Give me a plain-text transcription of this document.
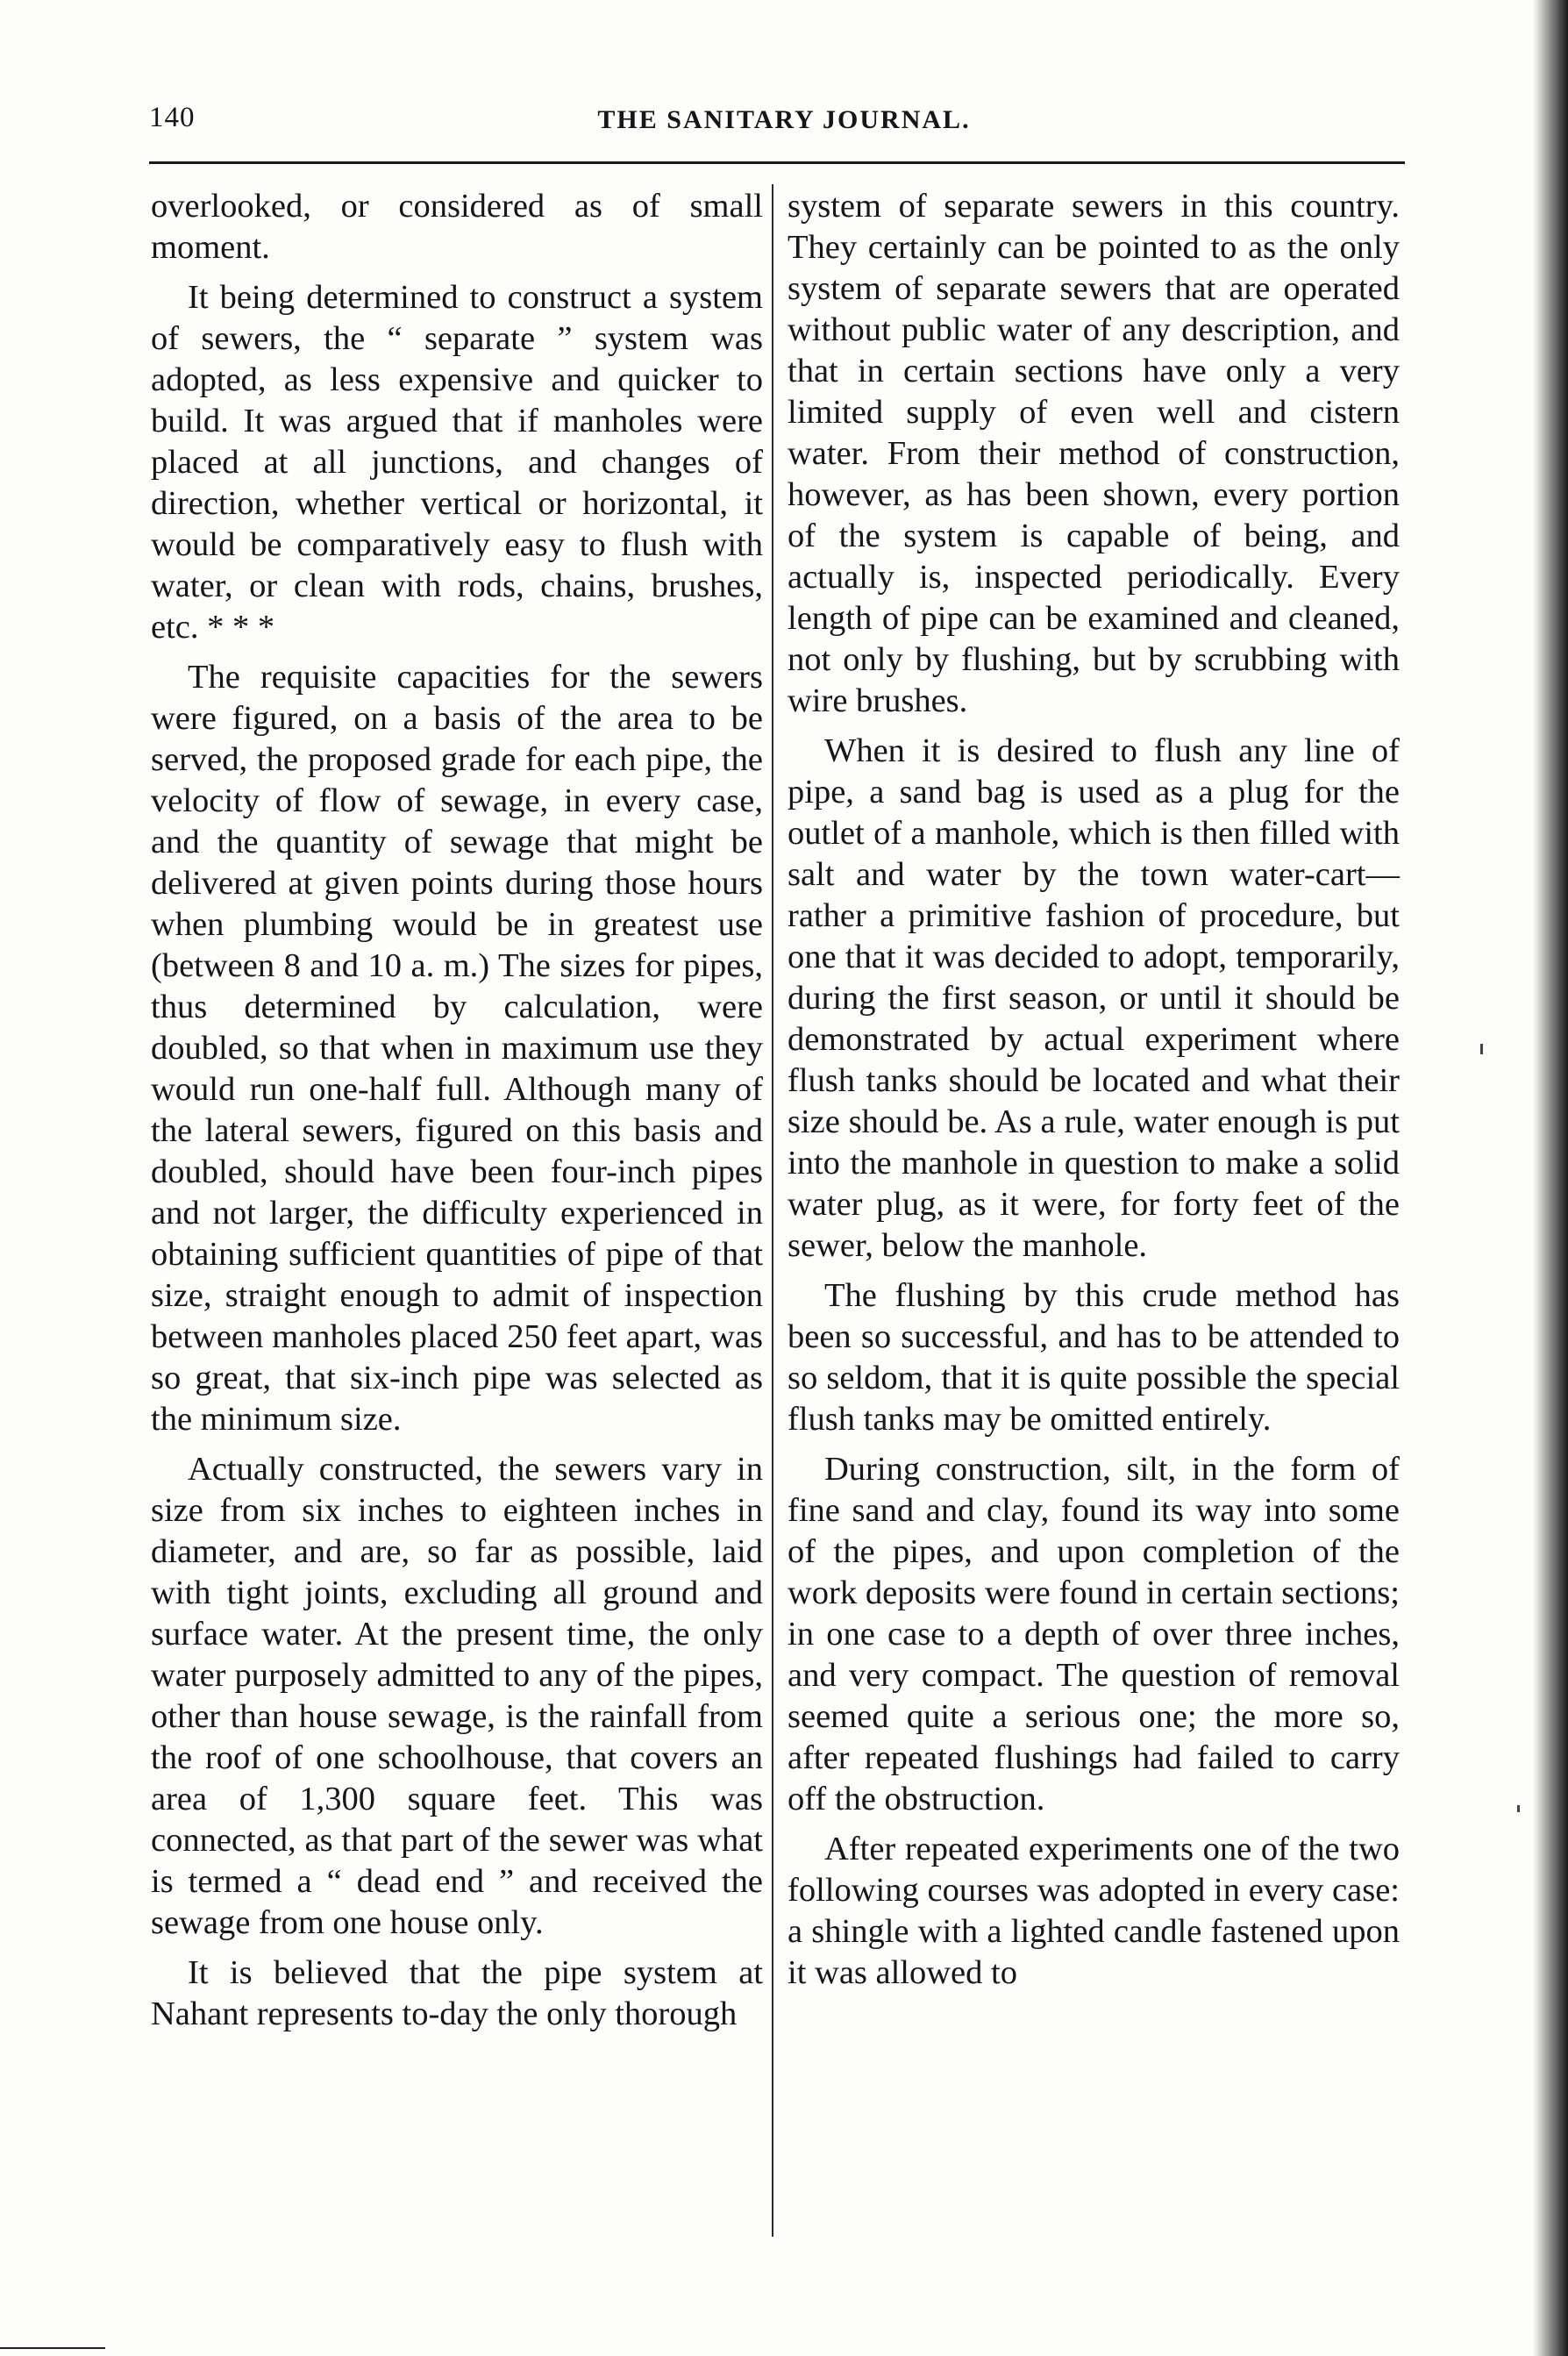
140	THE SANITARY JOURNAL.

overlooked, or considered as of small moment.

It being determined to construct a system of sewers, the “ separate ” system was adopted, as less expensive and quicker to build. It was argued that if manholes were placed at all junctions, and changes of direction, whether vertical or horizontal, it would be comparatively easy to flush with water, or clean with rods, chains, brushes, etc. * * *

The requisite capacities for the sewers were figured, on a basis of the area to be served, the proposed grade for each pipe, the velocity of flow of sewage, in every case, and the quantity of sewage that might be delivered at given points during those hours when plumbing would be in greatest use (between 8 and 10 a. m.) The sizes for pipes, thus determined by calculation, were doubled, so that when in maximum use they would run one-half full. Although many of the lateral sewers, figured on this basis and doubled, should have been four-inch pipes and not larger, the difficulty experienced in obtaining sufficient quantities of pipe of that size, straight enough to admit of inspection between manholes placed 250 feet apart, was so great, that six-inch pipe was selected as the minimum size.

Actually constructed, the sewers vary in size from six inches to eighteen inches in diameter, and are, so far as possible, laid with tight joints, excluding all ground and surface water. At the present time, the only water purposely admitted to any of the pipes, other than house sewage, is the rainfall from the roof of one schoolhouse, that covers an area of 1,300 square feet. This was connected, as that part of the sewer was what is termed a “ dead end ” and received the sewage from one house only.

It is believed that the pipe system at Nahant represents to-day the only thorough

system of separate sewers in this country. They certainly can be pointed to as the only system of separate sewers that are operated without public water of any description, and that in certain sections have only a very limited supply of even well and cistern water. From their method of construction, however, as has been shown, every portion of the system is capable of being, and actually is, inspected periodically. Every length of pipe can be examined and cleaned, not only by flushing, but by scrubbing with wire brushes.

When it is desired to flush any line of pipe, a sand bag is used as a plug for the outlet of a manhole, which is then filled with salt and water by the town water-cart—rather a primitive fashion of procedure, but one that it was decided to adopt, temporarily, during the first season, or until it should be demonstrated by actual experiment where flush tanks should be located and what their size should be. As a rule, water enough is put into the manhole in question to make a solid water plug, as it were, for forty feet of the sewer, below the manhole.

The flushing by this crude method has been so successful, and has to be attended to so seldom, that it is quite possible the special flush tanks may be omitted entirely.

During construction, silt, in the form of fine sand and clay, found its way into some of the pipes, and upon completion of the work deposits were found in certain sections; in one case to a depth of over three inches, and very compact. The question of removal seemed quite a serious one; the more so, after repeated flushings had failed to carry off the obstruction.

After repeated experiments one of the two following courses was adopted in every case: a shingle with a lighted candle fastened upon it was allowed to
